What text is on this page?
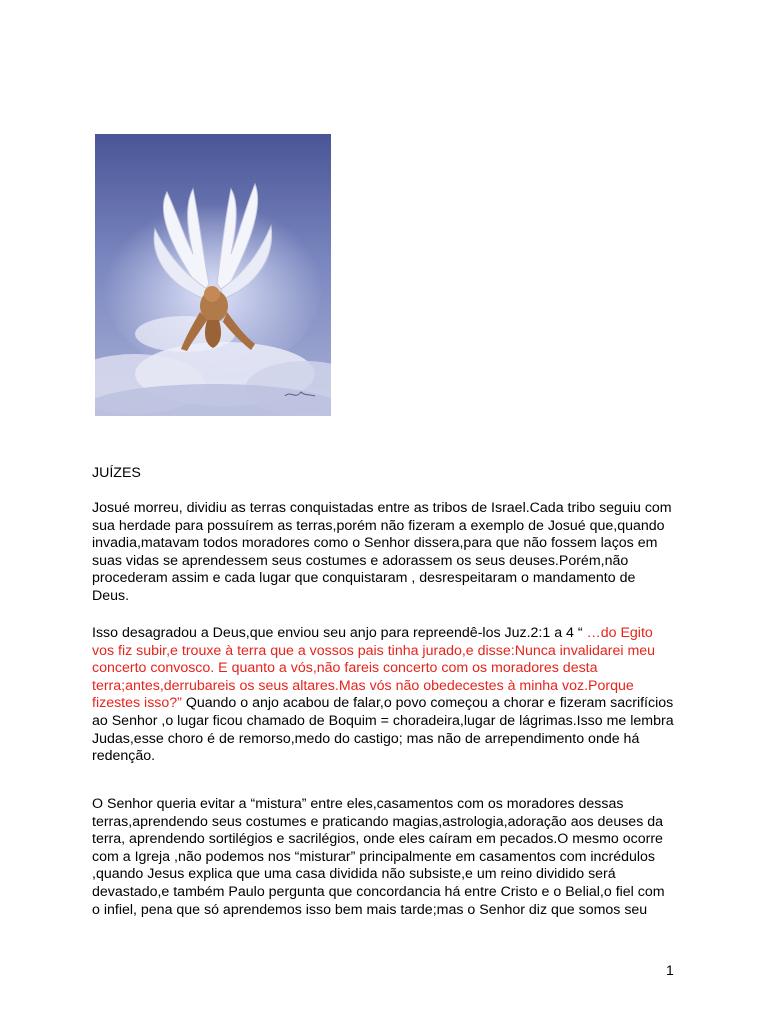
JUÍZES

Josué morreu, dividiu as terras conquistadas entre as tribos de Israel.Cada tribo seguiu com
sua herdade para possuírem as terras,porém não fizeram a exemplo de Josué que,quando
invadia,matavam todos moradores como o Senhor dissera,para que não fossem laços em
suas vidas se aprendessem seus costumes e adorassem os seus deuses.Porém,não
procederam assim e cada lugar que conquistaram , desrespeitaram o mandamento de
Deus.

Isso desagradou a Deus,que enviou seu anjo para repreendê-los Juz.2:1 a 4 “ …do Egito
vos fiz subir,e trouxe à terra que a vossos pais tinha jurado,e disse:Nunca invalidarei meu
concerto convosco. E quanto a vós,não fareis concerto com os moradores desta
terra;antes,derrubareis os seus altares.Mas vós não obedecestes à minha voz.Porque
fizestes isso?” Quando o anjo acabou de falar,o povo começou a chorar e fizeram sacrifícios
ao Senhor ,o lugar ficou chamado de Boquim = choradeira,lugar de lágrimas.Isso me lembra
Judas,esse choro é de remorso,medo do castigo; mas não de arrependimento onde há
redenção.

O Senhor queria evitar a “mistura” entre eles,casamentos com os moradores dessas
terras,aprendendo seus costumes e praticando magias,astrologia,adoração aos deuses da
terra, aprendendo sortilégios e sacrilégios, onde eles caíram em pecados.O mesmo ocorre
com a Igreja ,não podemos nos “misturar” principalmente em casamentos com incrédulos
,quando Jesus explica que uma casa dividida não subsiste,e um reino dividido será
devastado,e também Paulo pergunta que concordancia há entre Cristo e o Belial,o fiel com
o infiel, pena que só aprendemos isso bem mais tarde;mas o Senhor diz que somos seu

1
